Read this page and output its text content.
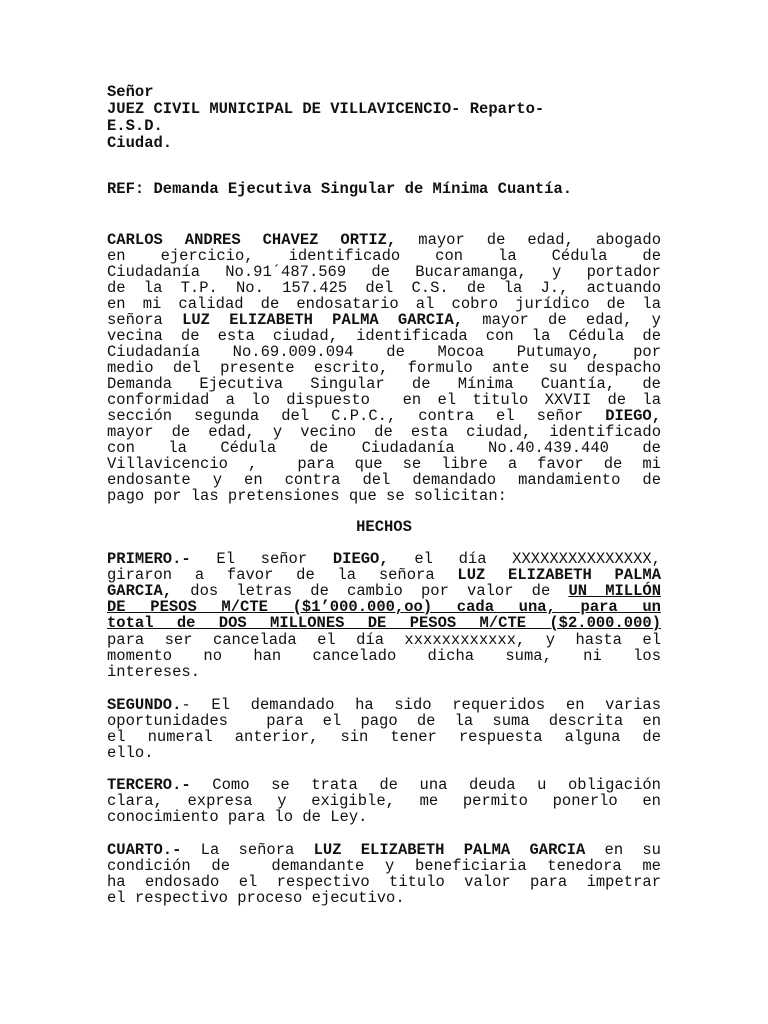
Señor
JUEZ CIVIL MUNICIPAL DE VILLAVICENCIO- Reparto-
E.S.D.
Ciudad.
REF: Demanda Ejecutiva Singular de Mínima Cuantía.
CARLOS ANDRES CHAVEZ ORTIZ, mayor de edad, abogado
en ejercicio, identificado con la Cédula de
Ciudadanía No.91´487.569 de Bucaramanga, y portador
de la T.P. No. 157.425 del C.S. de la J., actuando
en mi calidad de endosatario al cobro jurídico de la
señora LUZ ELIZABETH PALMA GARCIA, mayor de edad, y
vecina de esta ciudad, identificada con la Cédula de
Ciudadanía No.69.009.094 de Mocoa Putumayo, por
medio del presente escrito, formulo ante su despacho
Demanda Ejecutiva Singular de Mínima Cuantía, de
conformidad a lo dispuesto  en el titulo XXVII de la
sección segunda del C.P.C., contra el señor DIEGO,
mayor de edad, y vecino de esta ciudad, identificado
con la Cédula de Ciudadanía No.40.439.440 de
Villavicencio ,  para que se libre a favor de mi
endosante y en contra del demandado mandamiento de
pago por las pretensiones que se solicitan:
HECHOS
PRIMERO.- El señor DIEGO, el día XXXXXXXXXXXXXXX,
giraron a favor de la señora LUZ ELIZABETH PALMA
GARCIA, dos letras de cambio por valor de UN MILLÓN
DE PESOS M/CTE ($1’000.000,oo) cada una, para un
total de DOS MILLONES DE PESOS M/CTE ($2.000.000)
para ser cancelada el día xxxxxxxxxxxx, y hasta el
momento no han cancelado dicha suma, ni los
intereses.
SEGUNDO.- El demandado ha sido requeridos en varias
oportunidades  para el pago de la suma descrita en
el numeral anterior, sin tener respuesta alguna de
ello.
TERCERO.- Como se trata de una deuda u obligación
clara, expresa y exigible, me permito ponerlo en
conocimiento para lo de Ley.
CUARTO.- La señora LUZ ELIZABETH PALMA GARCIA en su
condición de  demandante y beneficiaria tenedora me
ha endosado el respectivo titulo valor para impetrar
el respectivo proceso ejecutivo.
